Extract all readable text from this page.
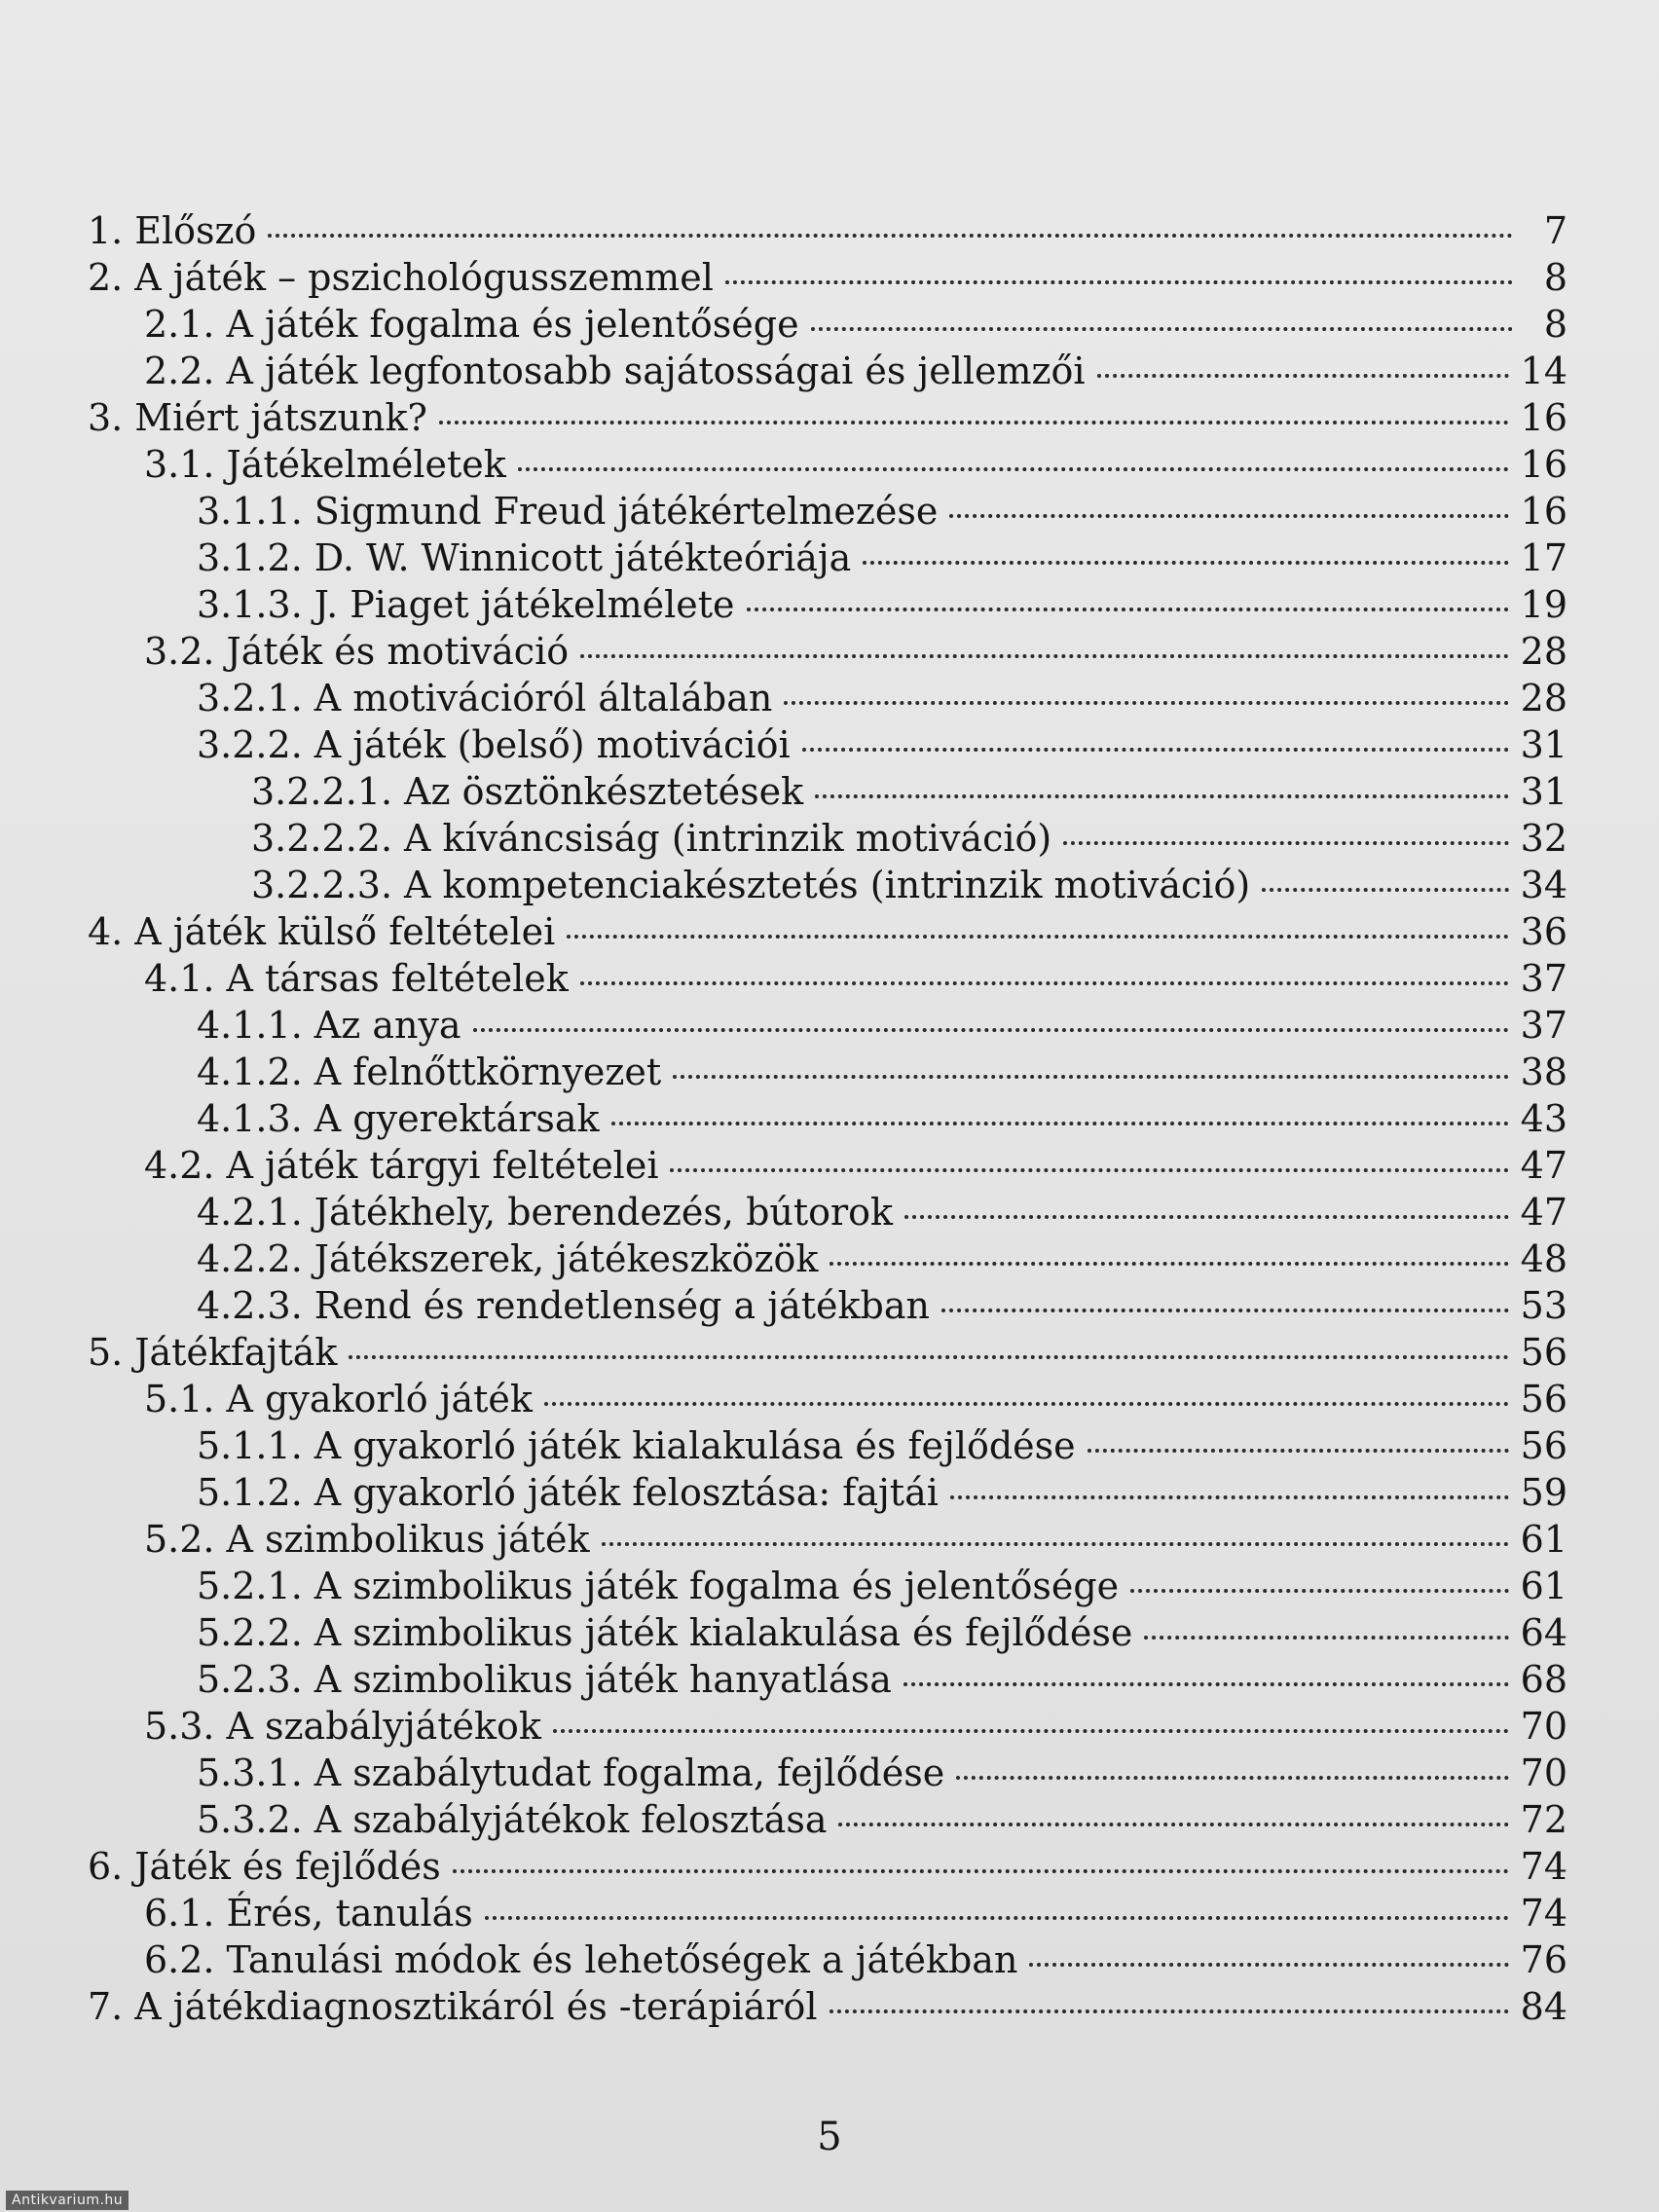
1. Előszó	7
2. A játék – pszichológusszemmel	8
2.1. A játék fogalma és jelentősége	8
2.2. A játék legfontosabb sajátosságai és jellemzői	14
3. Miért játszunk?	16
3.1. Játékelméletek	16
3.1.1. Sigmund Freud játékértelmezése	16
3.1.2. D. W. Winnicott játékteóriája	17
3.1.3. J. Piaget játékelmélete	19
3.2. Játék és motiváció	28
3.2.1. A motivációról általában	28
3.2.2. A játék (belső) motivációi	31
3.2.2.1. Az ösztönkésztetések	31
3.2.2.2. A kíváncsiság (intrinzik motiváció)	32
3.2.2.3. A kompetenciakésztetés (intrinzik motiváció)	34
4. A játék külső feltételei	36
4.1. A társas feltételek	37
4.1.1. Az anya	37
4.1.2. A felnőttkörnyezet	38
4.1.3. A gyerektársak	43
4.2. A játék tárgyi feltételei	47
4.2.1. Játékhely, berendezés, bútorok	47
4.2.2. Játékszerek, játékeszközök	48
4.2.3. Rend és rendetlenség a játékban	53
5. Játékfajták	56
5.1. A gyakorló játék	56
5.1.1. A gyakorló játék kialakulása és fejlődése	56
5.1.2. A gyakorló játék felosztása: fajtái	59
5.2. A szimbolikus játék	61
5.2.1. A szimbolikus játék fogalma és jelentősége	61
5.2.2. A szimbolikus játék kialakulása és fejlődése	64
5.2.3. A szimbolikus játék hanyatlása	68
5.3. A szabályjátékok	70
5.3.1. A szabálytudat fogalma, fejlődése	70
5.3.2. A szabályjátékok felosztása	72
6. Játék és fejlődés	74
6.1. Érés, tanulás	74
6.2. Tanulási módok és lehetőségek a játékban	76
7. A játékdiagnosztikáról és -terápiáról	84
5
Antikvarium.hu
